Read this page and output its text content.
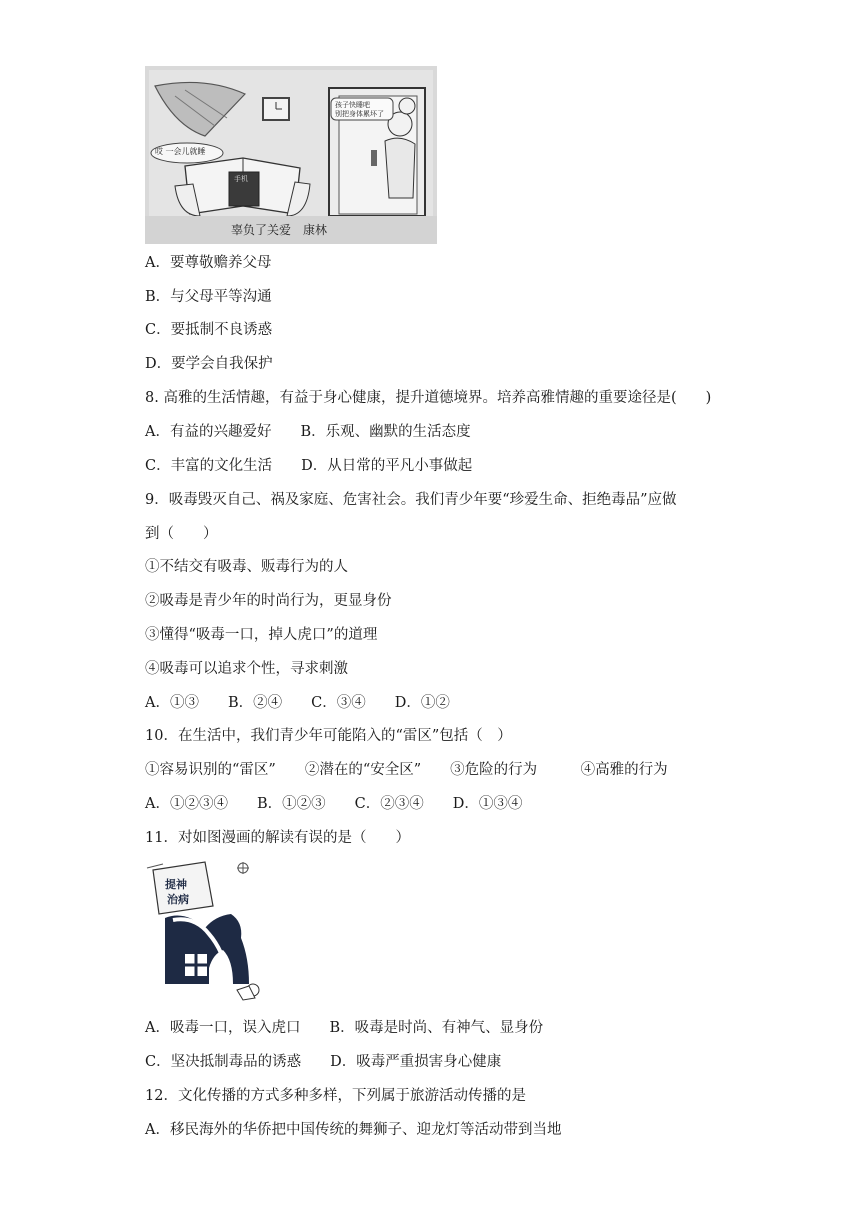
哎 一会儿就睡
孩子快睡吧
别把身体累坏了
手机
辜负了关爱　康林
A．要尊敬赡养父母
B．与父母平等沟通
C．要抵制不良诱惑
D．要学会自我保护
8. 高雅的生活情趣，有益于身心健康，提升道德境界。培养高雅情趣的重要途径是(　　)
A．有益的兴趣爱好　　B．乐观、幽默的生活态度
C．丰富的文化生活　　D．从日常的平凡小事做起
9．吸毒毁灭自己、祸及家庭、危害社会。我们青少年要“珍爱生命、拒绝毒品”应做
到（　　）
①不结交有吸毒、贩毒行为的人
②吸毒是青少年的时尚行为，更显身份
③懂得“吸毒一口，掉人虎口”的道理
④吸毒可以追求个性，寻求刺激
A．①③　　B．②④　　C．③④　　D．①②
10．在生活中，我们青少年可能陷入的“雷区”包括（　）
①容易识别的“雷区”　　②潜在的“安全区”　　③危险的行为　　　④高雅的行为
A．①②③④　　B．①②③　　C．②③④　　D．①③④
11．对如图漫画的解读有误的是（　　）
提神
治病
A．吸毒一口，误入虎口　　B．吸毒是时尚、有神气、显身份
C．坚决抵制毒品的诱惑　　D．吸毒严重损害身心健康
12．文化传播的方式多种多样，下列属于旅游活动传播的是
A．移民海外的华侨把中国传统的舞狮子、迎龙灯等活动带到当地
